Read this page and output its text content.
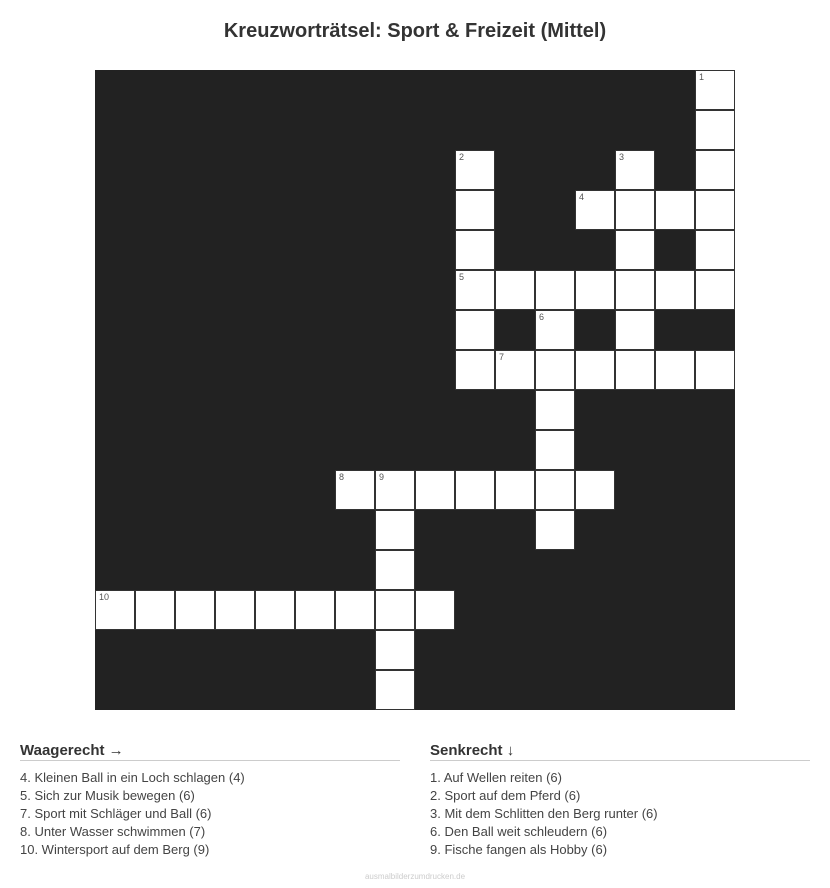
Kreuzworträtsel: Sport & Freizeit (Mittel)
1
2	3
4
5
6
7
8	9
10
Waagerecht →
4. Kleinen Ball in ein Loch schlagen (4)
5. Sich zur Musik bewegen (6)
7. Sport mit Schläger und Ball (6)
8. Unter Wasser schwimmen (7)
10. Wintersport auf dem Berg (9)
Senkrecht ↓
1. Auf Wellen reiten (6)
2. Sport auf dem Pferd (6)
3. Mit dem Schlitten den Berg runter (6)
6. Den Ball weit schleudern (6)
9. Fische fangen als Hobby (6)
ausmalbilderzumdrucken.de
